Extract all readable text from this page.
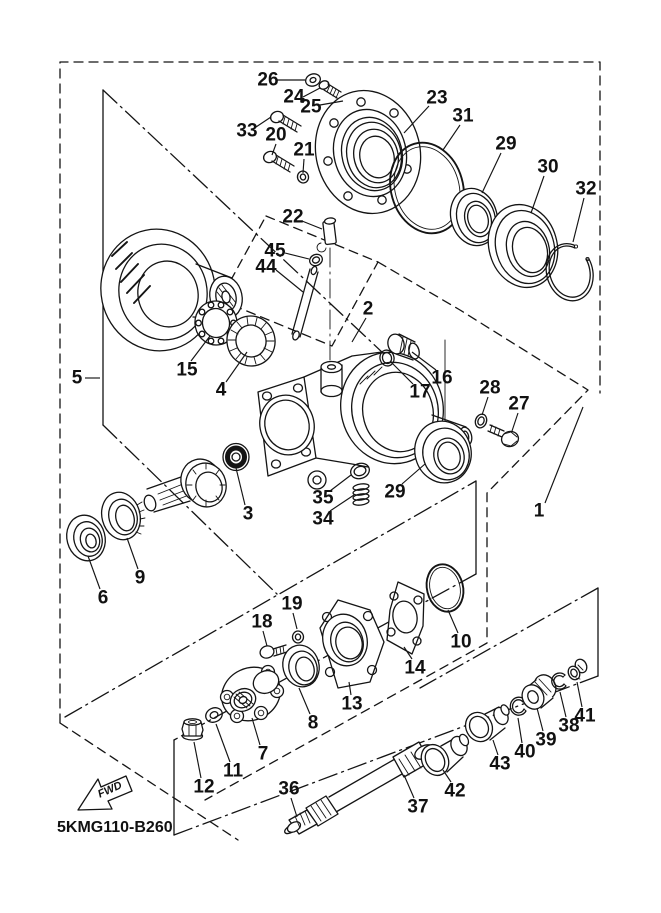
FWD
5KMG110-B260
1
2
3
4
5
6
7
8
9
10
11
12
13
14
15	16
17
18
19
20
21
22
23
24
25
26
27
28
29
29
30
31
32
33
34
35
36
37
38
39
40
41
42
43
44
45
